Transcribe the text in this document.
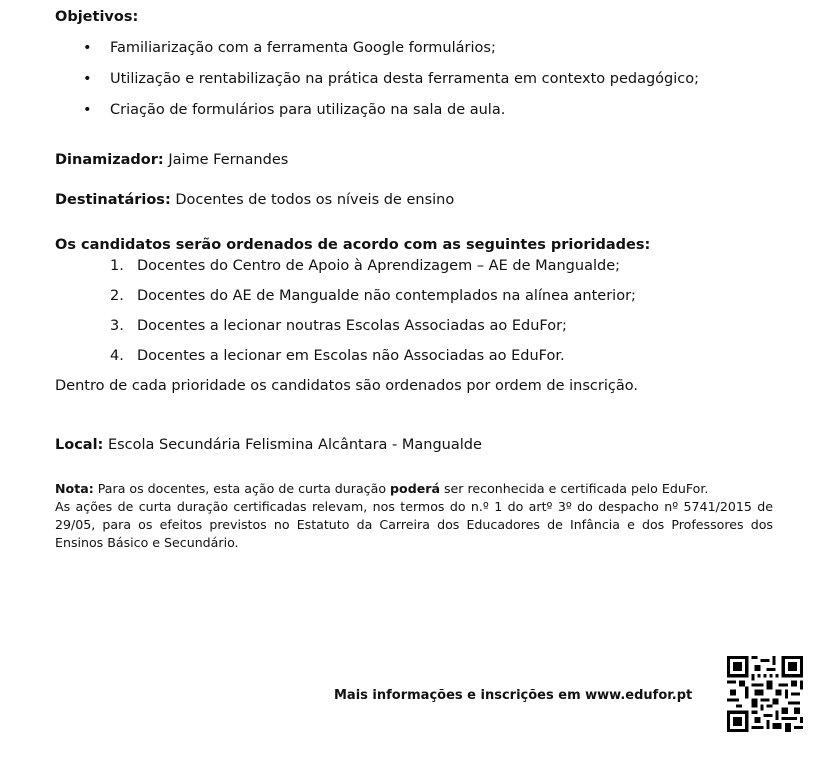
Objetivos:
• Familiarização com a ferramenta Google formulários;
• Utilização e rentabilização na prática desta ferramenta em contexto pedagógico;
• Criação de formulários para utilização na sala de aula.
Dinamizador: Jaime Fernandes
Destinatários: Docentes de todos os níveis de ensino
Os candidatos serão ordenados de acordo com as seguintes prioridades:
1. Docentes do Centro de Apoio à Aprendizagem – AE de Mangualde;
2. Docentes do AE de Mangualde não contemplados na alínea anterior;
3. Docentes a lecionar noutras Escolas Associadas ao EduFor;
4. Docentes a lecionar em Escolas não Associadas ao EduFor.
Dentro de cada prioridade os candidatos são ordenados por ordem de inscrição.
Local: Escola Secundária Felismina Alcântara - Mangualde

Nota: Para os docentes, esta ação de curta duração poderá ser reconhecida e certificada pelo EduFor.

As ações de curta duração certificadas relevam, nos termos do n.º 1 do artº 3º do despacho nº 5741/2015 de 29/05, para os efeitos previstos no Estatuto da Carreira dos Educadores de Infância e dos Professores dos Ensinos Básico e Secundário.

Mais informações e inscrições em www.edufor.pt
